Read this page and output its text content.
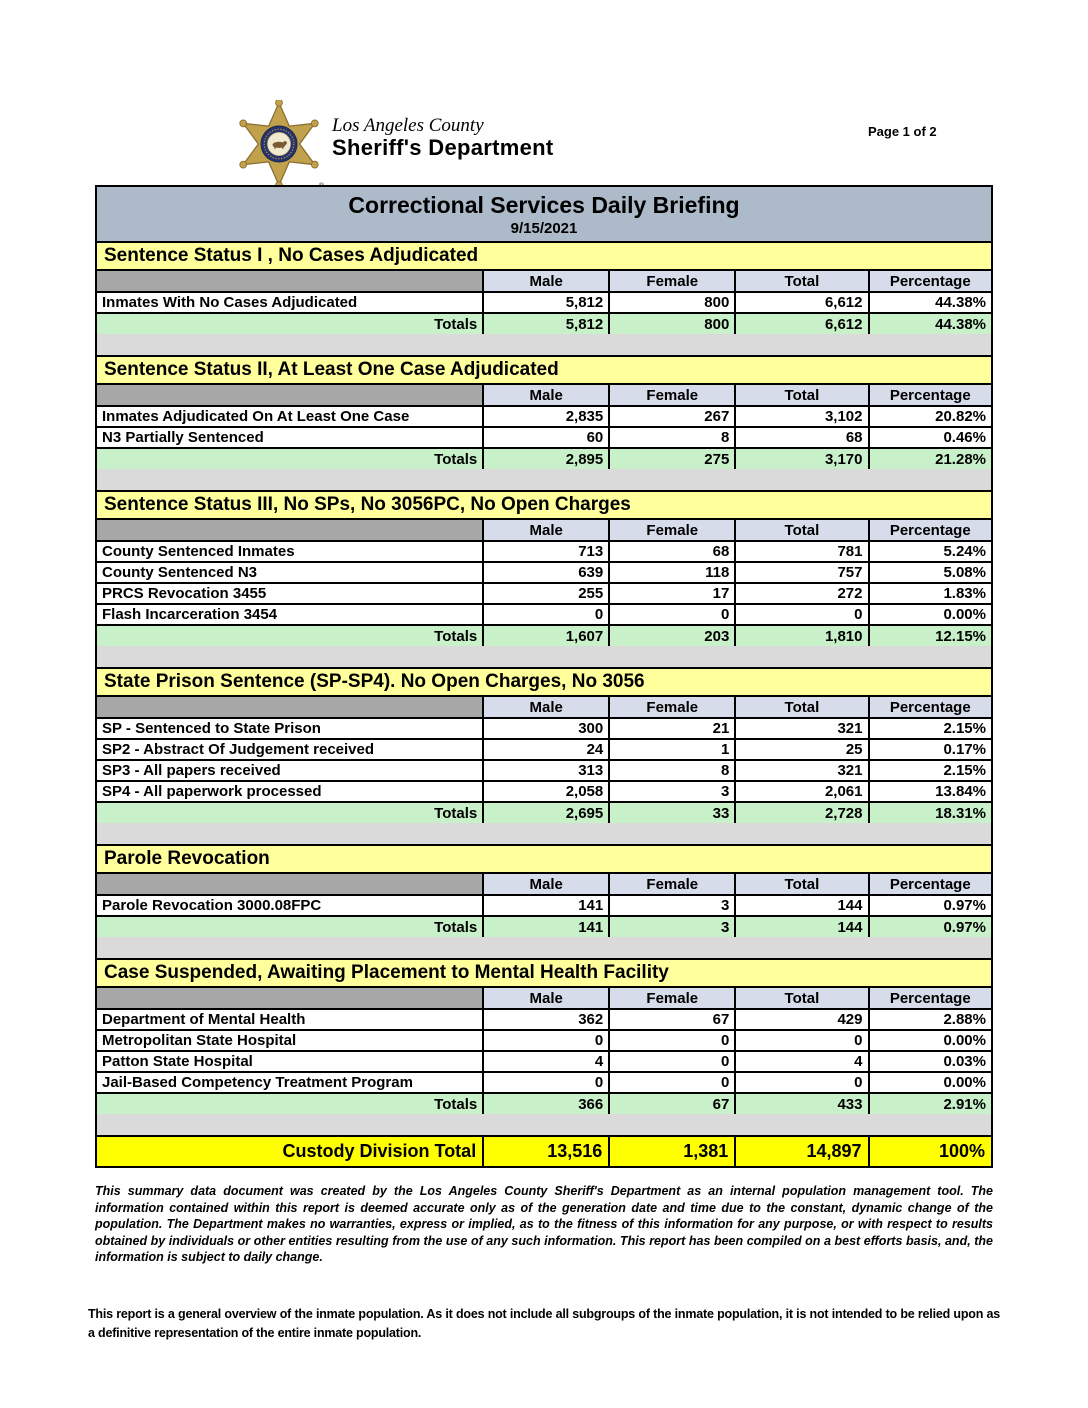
Los Angeles County
Sheriff's Department
Page 1 of 2
Correctional Services Daily Briefing
9/15/2021
Sentence Status I , No Cases Adjudicated
	Male	Female	Total	Percentage
Inmates With No Cases Adjudicated	5,812	800	6,612	44.38%
Totals	5,812	800	6,612	44.38%
Sentence Status II, At Least One Case Adjudicated
	Male	Female	Total	Percentage
Inmates Adjudicated On At Least One Case	2,835	267	3,102	20.82%
N3 Partially Sentenced	60	8	68	0.46%
Totals	2,895	275	3,170	21.28%
Sentence Status III, No SPs, No 3056PC, No Open Charges
	Male	Female	Total	Percentage
County Sentenced Inmates	713	68	781	5.24%
County Sentenced N3	639	118	757	5.08%
PRCS Revocation 3455	255	17	272	1.83%
Flash Incarceration 3454	0	0	0	0.00%
Totals	1,607	203	1,810	12.15%
State Prison Sentence (SP-SP4). No Open Charges, No 3056
	Male	Female	Total	Percentage
SP - Sentenced to State Prison	300	21	321	2.15%
SP2 - Abstract Of Judgement received	24	1	25	0.17%
SP3 - All papers received	313	8	321	2.15%
SP4 - All paperwork processed	2,058	3	2,061	13.84%
Totals	2,695	33	2,728	18.31%
Parole Revocation
	Male	Female	Total	Percentage
Parole Revocation 3000.08FPC	141	3	144	0.97%
Totals	141	3	144	0.97%
Case Suspended, Awaiting Placement to Mental Health Facility
	Male	Female	Total	Percentage
Department of Mental Health	362	67	429	2.88%
Metropolitan State Hospital	0	0	0	0.00%
Patton State Hospital	4	0	4	0.03%
Jail-Based Competency Treatment Program	0	0	0	0.00%
Totals	366	67	433	2.91%
Custody Division Total	13,516	1,381	14,897	100%
This summary data document was created by the Los Angeles County Sheriff's Department as an internal population management tool. The information contained within this report is deemed accurate only as of the generation date and time due to the constant, dynamic change of the population. The Department makes no warranties, express or implied, as to the fitness of this information for any purpose, or with respect to results obtained by individuals or other entities resulting from the use of any such information. This report has been compiled on a best efforts basis, and, the information is subject to daily change.
This report is a general overview of the inmate population. As it does not include all subgroups of the inmate population, it is not intended to be relied upon as a definitive representation of the entire inmate population.
